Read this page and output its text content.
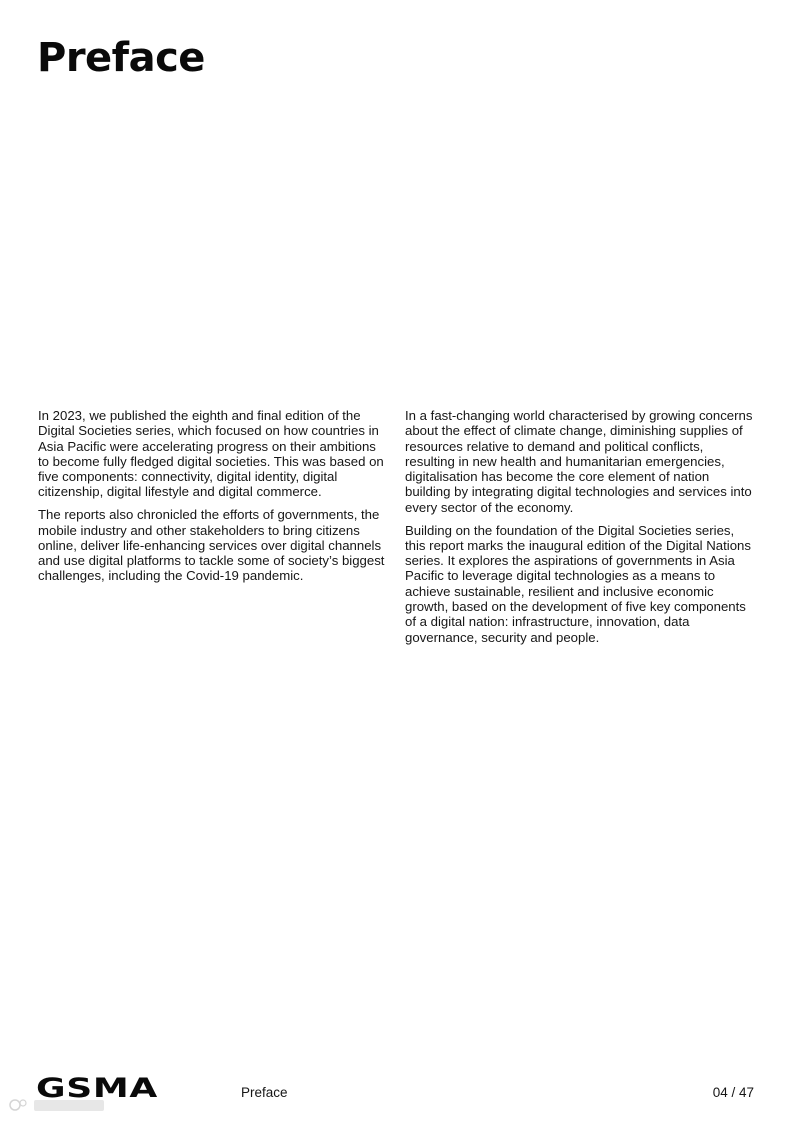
Preface

In 2023, we published the eighth and final edition of the Digital Societies series, which focused on how countries in Asia Pacific were accelerating progress on their ambitions to become fully fledged digital societies. This was based on five components: connectivity, digital identity, digital citizenship, digital lifestyle and digital commerce.

The reports also chronicled the efforts of governments, the mobile industry and other stakeholders to bring citizens online, deliver life-enhancing services over digital channels and use digital platforms to tackle some of society’s biggest challenges, including the Covid-19 pandemic.

In a fast-changing world characterised by growing concerns about the effect of climate change, diminishing supplies of resources relative to demand and political conflicts, resulting in new health and humanitarian emergencies, digitalisation has become the core element of nation building by integrating digital technologies and services into every sector of the economy.

Building on the foundation of the Digital Societies series, this report marks the inaugural edition of the Digital Nations series. It explores the aspirations of governments in Asia Pacific to leverage digital technologies as a means to achieve sustainable, resilient and inclusive economic growth, based on the development of five key components of a digital nation: infrastructure, innovation, data governance, security and people.

GSMA	Preface	04 / 47
